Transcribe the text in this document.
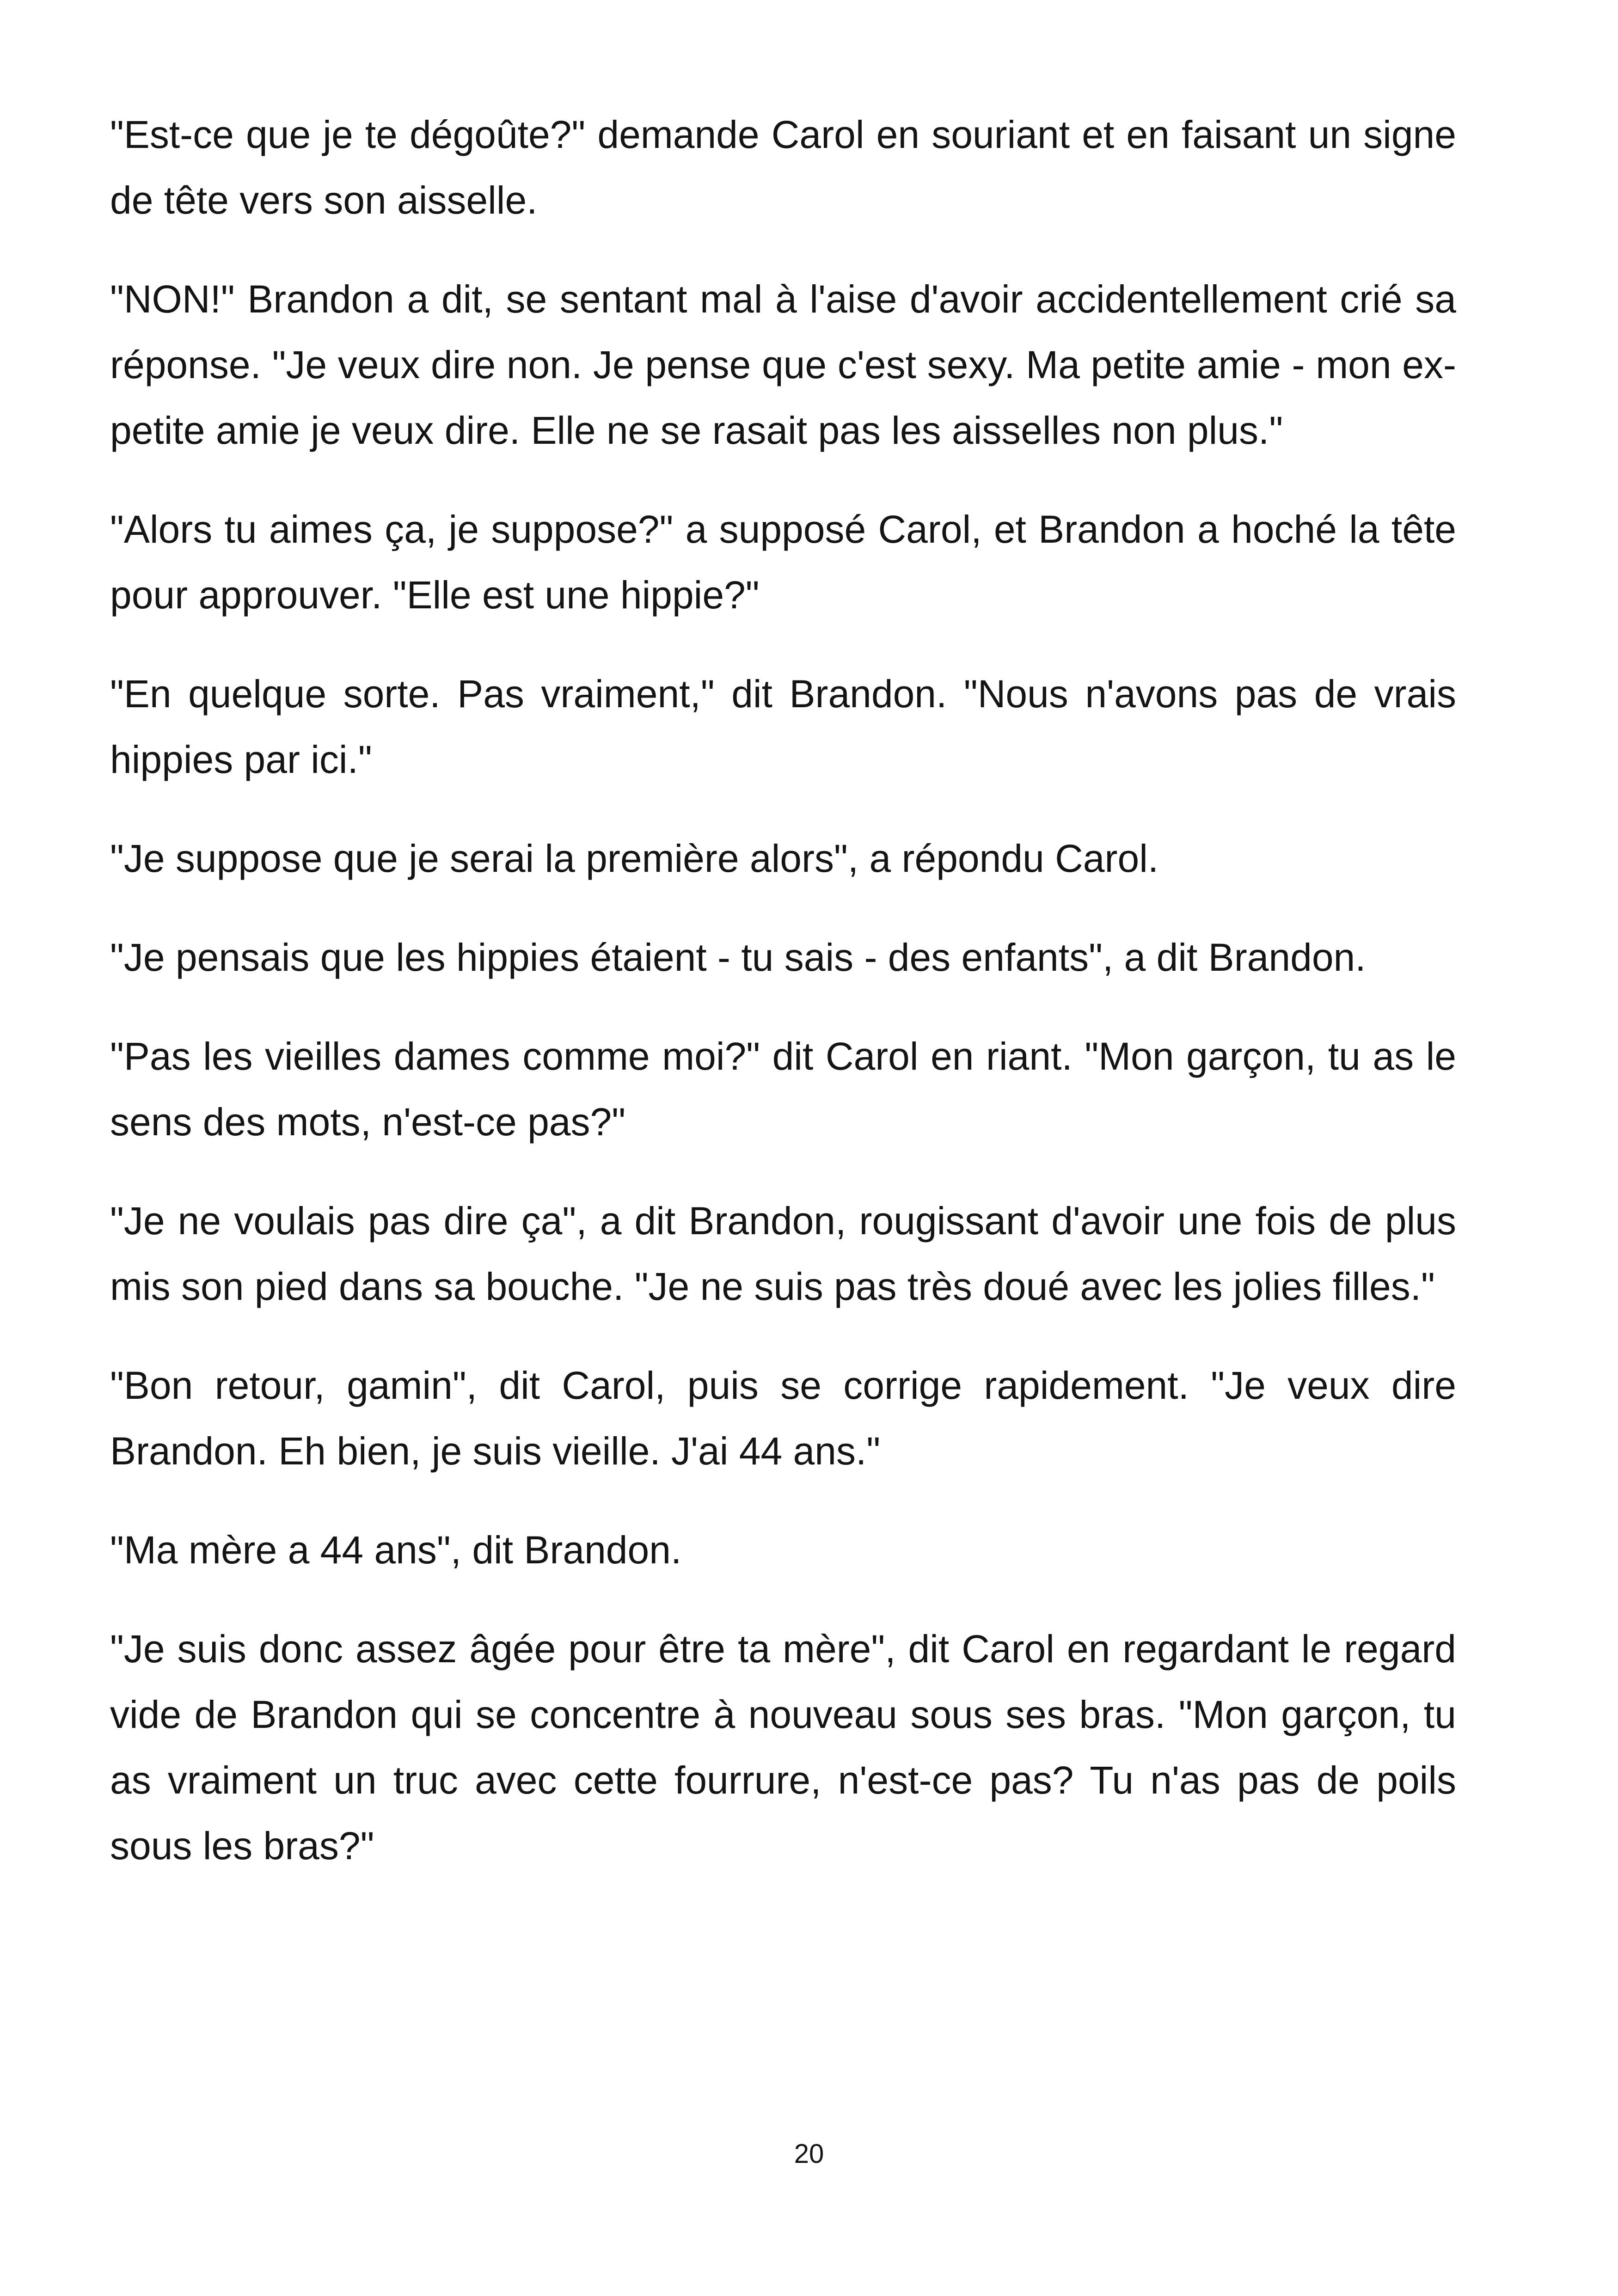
"Est-ce que je te dégoûte?" demande Carol en souriant et en faisant un signe de tête vers son aisselle.

"NON!" Brandon a dit, se sentant mal à l'aise d'avoir accidentellement crié sa réponse. "Je veux dire non. Je pense que c'est sexy. Ma petite amie - mon ex-petite amie je veux dire. Elle ne se rasait pas les aisselles non plus."

"Alors tu aimes ça, je suppose?" a supposé Carol, et Brandon a hoché la tête pour approuver. "Elle est une hippie?"

"En quelque sorte. Pas vraiment," dit Brandon. "Nous n'avons pas de vrais hippies par ici."

"Je suppose que je serai la première alors", a répondu Carol.

"Je pensais que les hippies étaient - tu sais - des enfants", a dit Brandon.

"Pas les vieilles dames comme moi?" dit Carol en riant. "Mon garçon, tu as le sens des mots, n'est-ce pas?"

"Je ne voulais pas dire ça", a dit Brandon, rougissant d'avoir une fois de plus mis son pied dans sa bouche. "Je ne suis pas très doué avec les jolies filles."

"Bon retour, gamin", dit Carol, puis se corrige rapidement. "Je veux dire Brandon. Eh bien, je suis vieille. J'ai 44 ans."

"Ma mère a 44 ans", dit Brandon.

"Je suis donc assez âgée pour être ta mère", dit Carol en regardant le regard vide de Brandon qui se concentre à nouveau sous ses bras. "Mon garçon, tu as vraiment un truc avec cette fourrure, n'est-ce pas? Tu n'as pas de poils sous les bras?"

20
